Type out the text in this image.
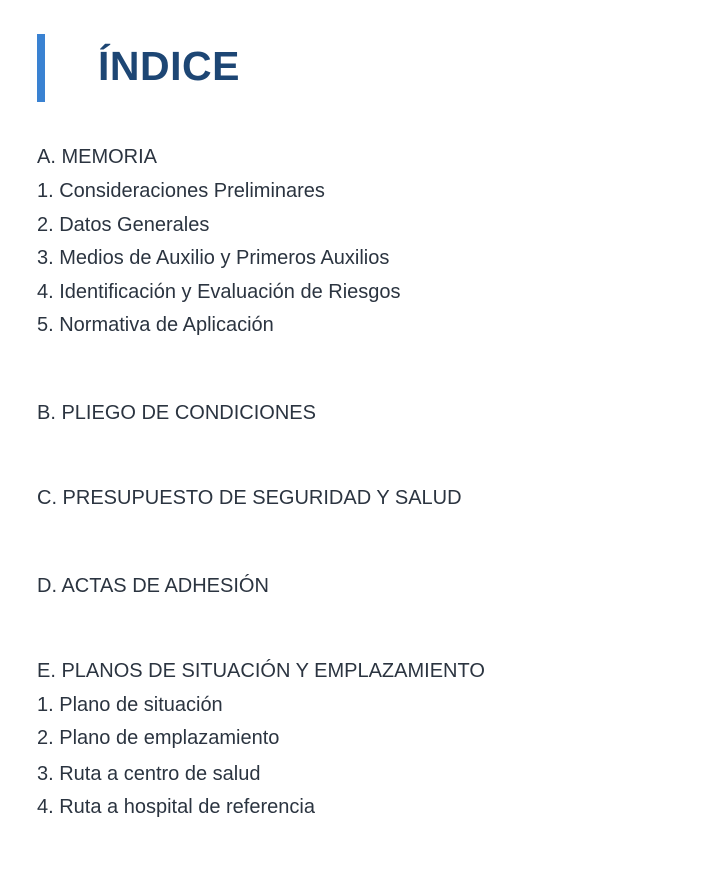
ÍNDICE
A. MEMORIA
1. Consideraciones Preliminares
2. Datos Generales
3. Medios de Auxilio y Primeros Auxilios
4. Identificación y Evaluación de Riesgos
5. Normativa de Aplicación
B. PLIEGO DE CONDICIONES
C. PRESUPUESTO DE SEGURIDAD Y SALUD
D. ACTAS DE ADHESIÓN
E. PLANOS DE SITUACIÓN Y EMPLAZAMIENTO
1. Plano de situación
2. Plano de emplazamiento
3. Ruta a centro de salud
4. Ruta a hospital de referencia
